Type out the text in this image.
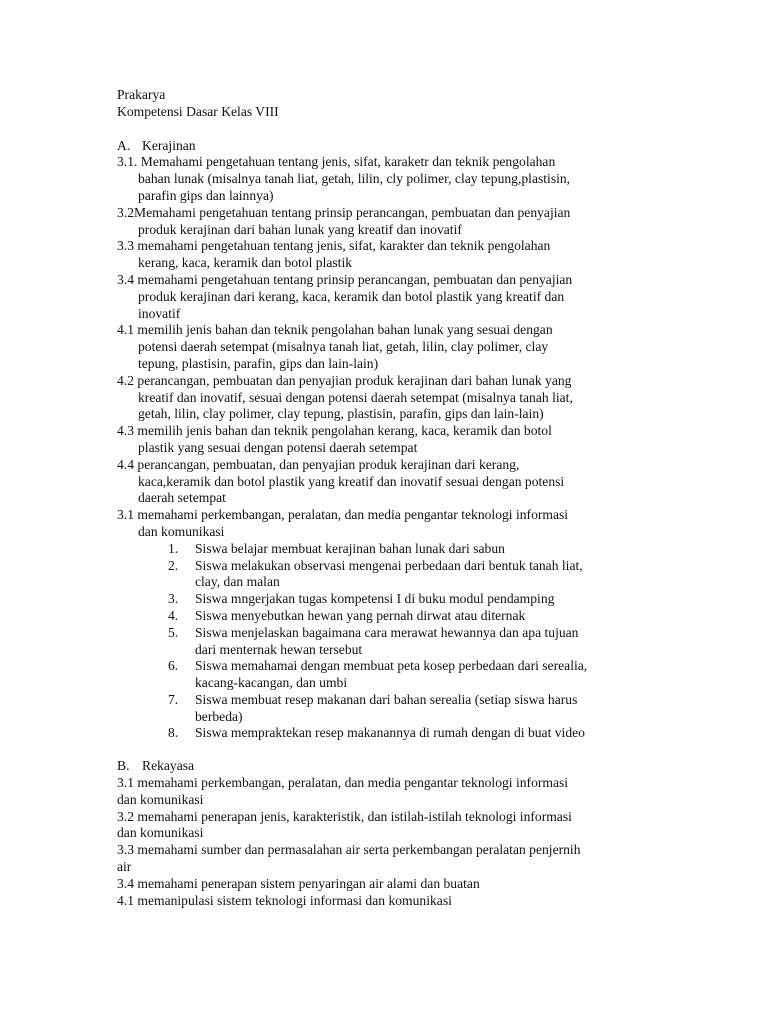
Prakarya
Kompetensi Dasar Kelas VIII
A. Kerajinan
3.1. Memahami pengetahuan tentang jenis, sifat, karaketr dan teknik pengolahan
bahan lunak (misalnya tanah liat, getah, lilin, cly polimer, clay tepung,plastisin,
parafin gips dan lainnya)
3.2Memahami pengetahuan tentang prinsip perancangan, pembuatan dan penyajian
produk kerajinan dari bahan lunak yang kreatif dan inovatif
3.3 memahami pengetahuan tentang jenis, sifat, karakter dan teknik pengolahan
kerang, kaca, keramik dan botol plastik
3.4 memahami pengetahuan tentang prinsip perancangan, pembuatan dan penyajian
produk kerajinan dari kerang, kaca, keramik dan botol plastik yang kreatif dan
inovatif
4.1 memilih jenis bahan dan teknik pengolahan bahan lunak yang sesuai dengan
potensi daerah setempat (misalnya tanah liat, getah, lilin, clay polimer, clay
tepung, plastisin, parafin, gips dan lain-lain)
4.2 perancangan, pembuatan dan penyajian produk kerajinan dari bahan lunak yang
kreatif dan inovatif, sesuai dengan potensi daerah setempat (misalnya tanah liat,
getah, lilin, clay polimer, clay tepung, plastisin, parafin, gips dan lain-lain)
4.3 memilih jenis bahan dan teknik pengolahan kerang, kaca, keramik dan botol
plastik yang sesuai dengan potensi daerah setempat
4.4 perancangan, pembuatan, dan penyajian produk kerajinan dari kerang,
kaca,keramik dan botol plastik yang kreatif dan inovatif sesuai dengan potensi
daerah setempat
3.1 memahami perkembangan, peralatan, dan media pengantar teknologi informasi
dan komunikasi
1. Siswa belajar membuat kerajinan bahan lunak dari sabun
2. Siswa melakukan observasi mengenai perbedaan dari bentuk tanah liat,
clay, dan malan
3. Siswa mngerjakan tugas kompetensi I di buku modul pendamping
4. Siswa menyebutkan hewan yang pernah dirwat atau diternak
5. Siswa menjelaskan bagaimana cara merawat hewannya dan apa tujuan
dari menternak hewan tersebut
6. Siswa memahamai dengan membuat peta kosep perbedaan dari serealia,
kacang-kacangan, dan umbi
7. Siswa membuat resep makanan dari bahan serealia (setiap siswa harus
berbeda)
8. Siswa mempraktekan resep makanannya di rumah dengan di buat video
B. Rekayasa
3.1 memahami perkembangan, peralatan, dan media pengantar teknologi informasi
dan komunikasi
3.2 memahami penerapan jenis, karakteristik, dan istilah-istilah teknologi informasi
dan komunikasi
3.3 memahami sumber dan permasalahan air serta perkembangan peralatan penjernih
air
3.4 memahami penerapan sistem penyaringan air alami dan buatan
4.1 memanipulasi sistem teknologi informasi dan komunikasi
